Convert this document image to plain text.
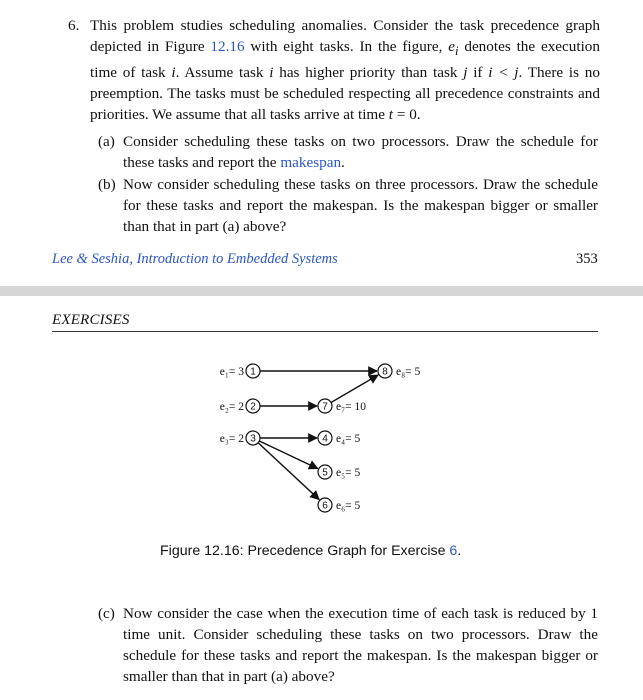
6. This problem studies scheduling anomalies. Consider the task precedence graph depicted in Figure 12.16 with eight tasks. In the figure, $e_i$ denotes the execution time of task i. Assume task i has higher priority than task j if i < j. There is no preemption. The tasks must be scheduled respecting all precedence constraints and priorities. We assume that all tasks arrive at time t = 0.
(a) Consider scheduling these tasks on two processors. Draw the schedule for these tasks and report the makespan.
(b) Now consider scheduling these tasks on three processors. Draw the schedule for these tasks and report the makespan. Is the makespan bigger or smaller than that in part (a) above?
Lee & Seshia, Introduction to Embedded Systems	353
EXERCISES
1
e₁= 3
2
e₂= 2
3
e₃= 2	4 e₄= 5
5 e₅= 5
6 e₆= 5
7 e₇= 10
8 e₈= 5
Figure 12.16: Precedence Graph for Exercise 6.
(c) Now consider the case when the execution time of each task is reduced by 1 time unit. Consider scheduling these tasks on two processors. Draw the schedule for these tasks and report the makespan. Is the makespan bigger or smaller than that in part (a) above?
